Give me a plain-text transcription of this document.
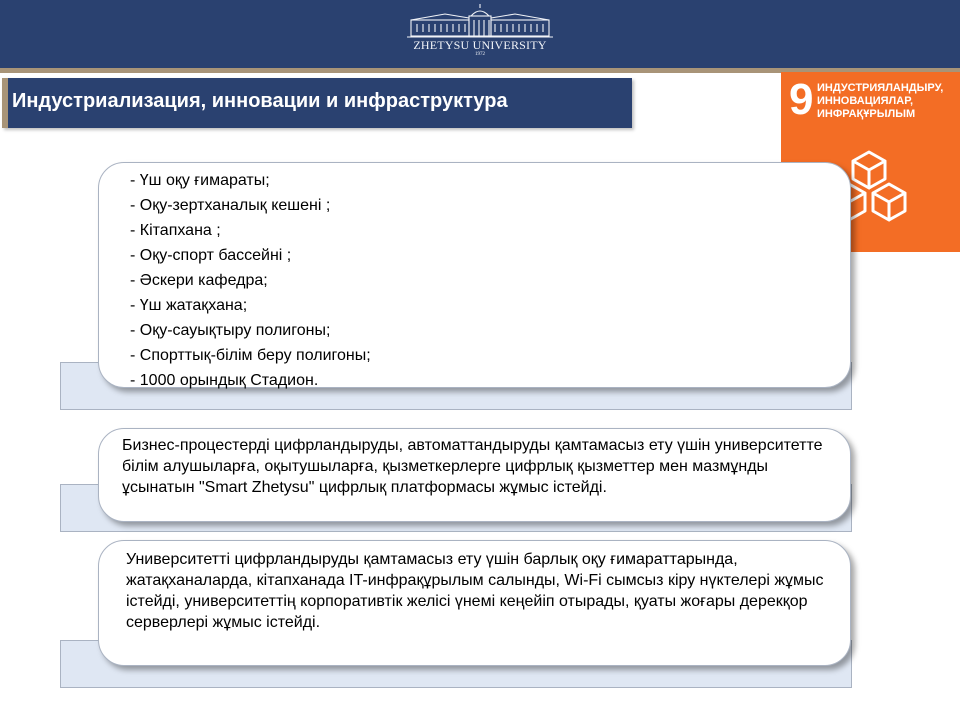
ZHETYSU UNIVERSITY
1972
Индустриализация, инновации и инфраструктура	9 ИНДУСТРИЯЛАНДЫРУ, ИННОВАЦИЯЛАР, ИНФРАҚҰРЫЛЫМ
- Үш оқу ғимараты;
- Оқу-зертханалық кешені ;
- Кітапхана ;
- Оқу-спорт бассейні ;
- Әскери кафедра;
- Үш жатақхана;
- Оқу-сауықтыру полигоны;
- Спорттық-білім беру полигоны;
- 1000 орындық Стадион.
Бизнес-процестерді цифрландыруды, автоматтандыруды қамтамасыз ету үшін университетте білім алушыларға, оқытушыларға, қызметкерлерге цифрлық қызметтер мен мазмұнды ұсынатын "Smart Zhetysu" цифрлық платформасы жұмыс істейді.
Университетті цифрландыруды қамтамасыз ету үшін барлық оқу ғимараттарында, жатақханаларда, кітапханада IT-инфрақұрылым салынды, Wi-Fi сымсыз кіру нүктелері жұмыс істейді, университеттің корпоративтік желісі үнемі кеңейіп отырады, қуаты жоғары дерекқор серверлері жұмыс істейді.
